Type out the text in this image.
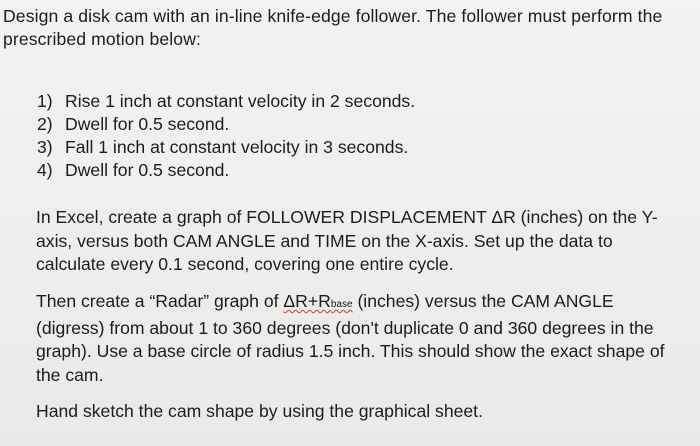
Design a disk cam with an in-line knife-edge follower. The follower must perform the prescribed motion below:

1) Rise 1 inch at constant velocity in 2 seconds.
2) Dwell for 0.5 second.
3) Fall 1 inch at constant velocity in 3 seconds.
4) Dwell for 0.5 second.

In Excel, create a graph of FOLLOWER DISPLACEMENT ΔR (inches) on the Y-axis, versus both CAM ANGLE and TIME on the X-axis. Set up the data to calculate every 0.1 second, covering one entire cycle.

Then create a “Radar” graph of ΔR+Rbase (inches) versus the CAM ANGLE (digress) from about 1 to 360 degrees (don't duplicate 0 and 360 degrees in the graph). Use a base circle of radius 1.5 inch. This should show the exact shape of the cam.

Hand sketch the cam shape by using the graphical sheet.
